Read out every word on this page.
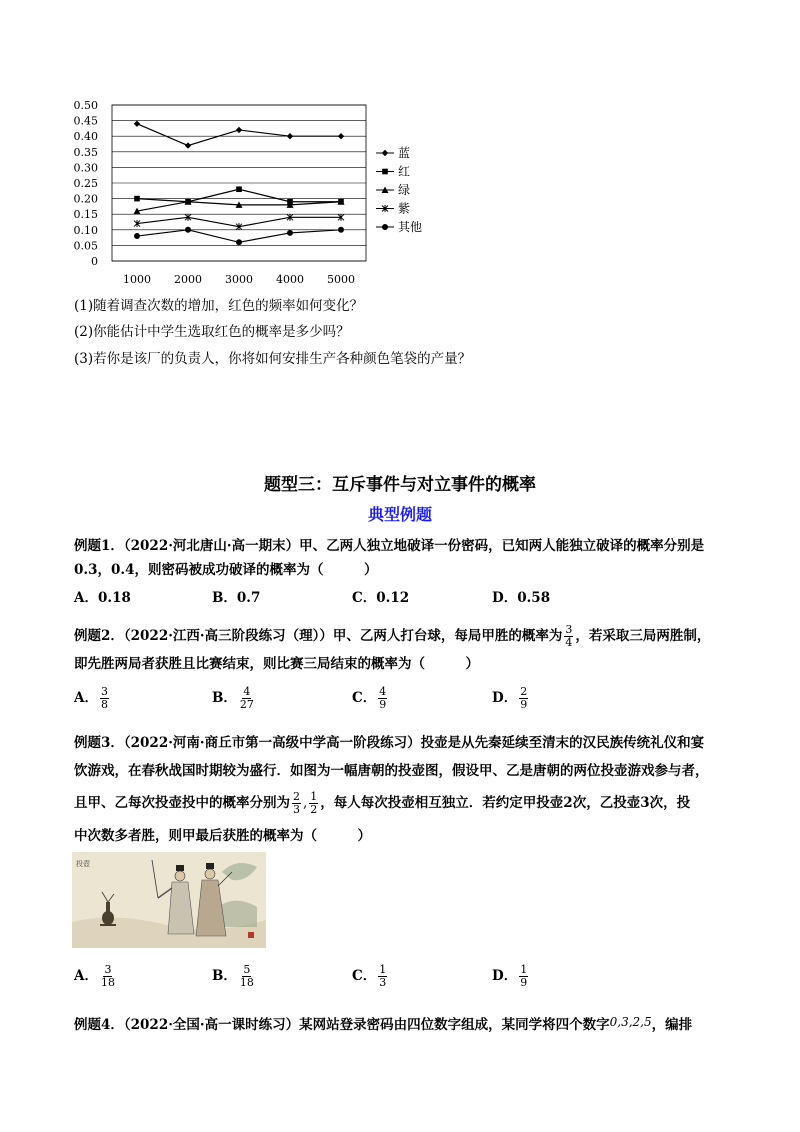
0
0.05
0.10
0.15
0.20
0.25
0.30
0.35
0.40
0.45
0.50
1000 2000 3000 4000 5000
蓝
红
绿
紫
其他
(1)随着调查次数的增加，红色的频率如何变化？
(2)你能估计中学生选取红色的概率是多少吗？
(3)若你是该厂的负责人，你将如何安排生产各种颜色笔袋的产量？
题型三：互斥事件与对立事件的概率
典型例题
例题1．（2022·河北唐山·高一期末）甲、乙两人独立地破译一份密码，已知两人能独立破译的概率分别是
0.3，0.4，则密码被成功破译的概率为（　　　）
A．0.18	B．0.7	C．0.12	D．0.58
例题2．（2022·江西·高三阶段练习（理））甲、乙两人打台球，每局甲胜的概率为 $\frac{3}{4}$ ，若采取三局两胜制，
即先胜两局者获胜且比赛结束，则比赛三局结束的概率为（　　　）
A． $\frac{3}{8}$	B． $\frac{4}{27}$	C． $\frac{4}{9}$	D． $\frac{2}{9}$
例题3．（2022·河南·商丘市第一高级中学高一阶段练习）投壶是从先秦延续至清末的汉民族传统礼仪和宴
饮游戏，在春秋战国时期较为盛行．如图为一幅唐朝的投壶图，假设甲、乙是唐朝的两位投壶游戏参与者，
且甲、乙每次投壶投中的概率分别为 $\frac{2}{3}$ , $\frac{1}{2}$ ，每人每次投壶相互独立．若约定甲投壶2次，乙投壶3次，投
中次数多者胜，则甲最后获胜的概率为（　　　）
投壺
A． $\frac{3}{18}$	B． $\frac{5}{18}$	C． $\frac{1}{3}$	D． $\frac{1}{9}$
例题4．（2022·全国·高一课时练习）某网站登录密码由四位数字组成，某同学将四个数字0,3,2,5，编排
